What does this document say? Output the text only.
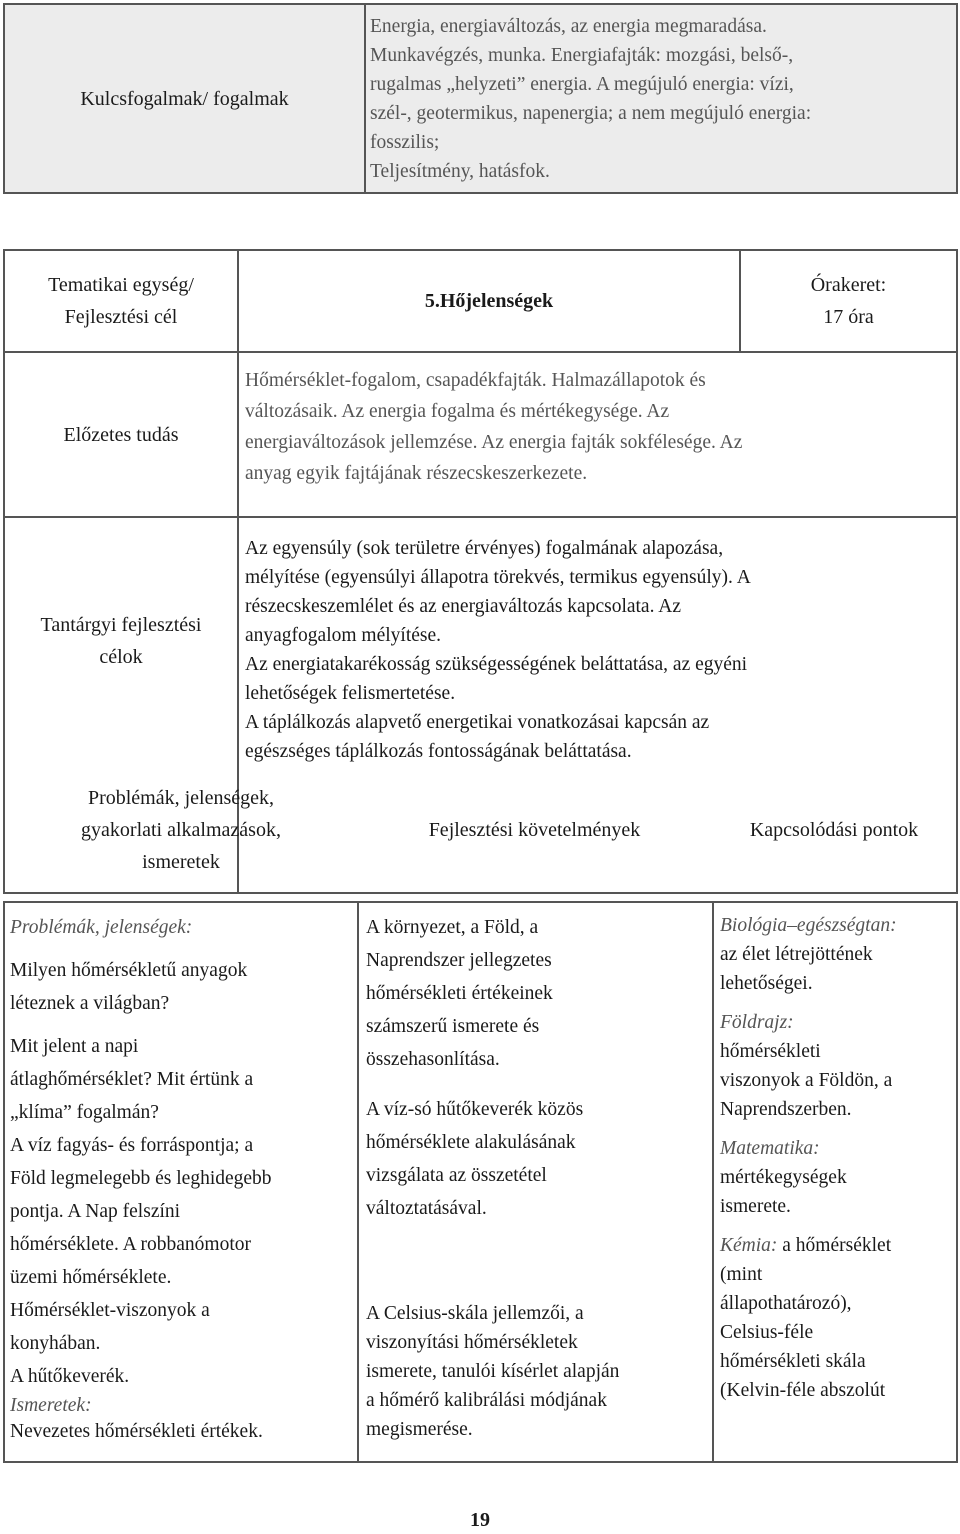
Kulcsfogalmak/ fogalmak

Energia, energiaváltozás, az energia megmaradása.

Munkavégzés, munka. Energiafajták: mozgási, belső-,

rugalmas „helyzeti” energia. A megújuló energia: vízi,

szél-, geotermikus, napenergia; a nem megújuló energia:

fosszilis;

Teljesítmény, hatásfok.

Tematikai egység/
Fejlesztési cél
5.Hőjelenségek
Órakeret:
17 óra
Előzetes tudás

Hőmérséklet-fogalom, csapadékfajták. Halmazállapotok és

változásaik. Az energia fogalma és mértékegysége. Az

energiaváltozások jellemzése. Az energia fajták sokfélesége. Az

anyag egyik fajtájának részecskeszerkezete.

Tantárgyi fejlesztési
célok

Az egyensúly (sok területre érvényes) fogalmának alapozása,

mélyítése (egyensúlyi állapotra törekvés, termikus egyensúly). A

részecskeszemlélet és az energiaváltozás kapcsolata. Az

anyagfogalom mélyítése.

Az energiatakarékosság szükségességének beláttatása, az egyéni

lehetőségek felismertetése.

A táplálkozás alapvető energetikai vonatkozásai kapcsán az

egészséges táplálkozás fontosságának beláttatása.

Problémák, jelenségek,
gyakorlati alkalmazások,
ismeretek
Fejlesztési követelmények	Kapcsolódási pontok

Problémák, jelenségek:

Milyen hőmérsékletű anyagok

léteznek a világban?

Mit jelent a napi

átlaghőmérséklet? Mit értünk a

„klíma” fogalmán?

A víz fagyás- és forráspontja; a

Föld legmelegebb és leghidegebb

pontja. A Nap felszíni

hőmérséklete. A robbanómotor

üzemi hőmérséklete.

Hőmérséklet-viszonyok a

konyhában.

A hűtőkeverék.

Ismeretek:

Nevezetes hőmérsékleti értékek.

A környezet, a Föld, a

Naprendszer jellegzetes

hőmérsékleti értékeinek

számszerű ismerete és

összehasonlítása.

A víz-só hűtőkeverék közös

hőmérséklete alakulásának

vizsgálata az összetétel

változtatásával.

A Celsius-skála jellemzői, a

viszonyítási hőmérsékletek

ismerete, tanulói kísérlet alapján

a hőmérő kalibrálási módjának

megismerése.

Biológia–egészségtan:

az élet létrejöttének

lehetőségei.

Földrajz:

hőmérsékleti

viszonyok a Földön, a

Naprendszerben.

Matematika:

mértékegységek

ismerete.

Kémia: a hőmérséklet

(mint

állapothatározó),

Celsius-féle

hőmérsékleti skála

(Kelvin-féle abszolút

19
